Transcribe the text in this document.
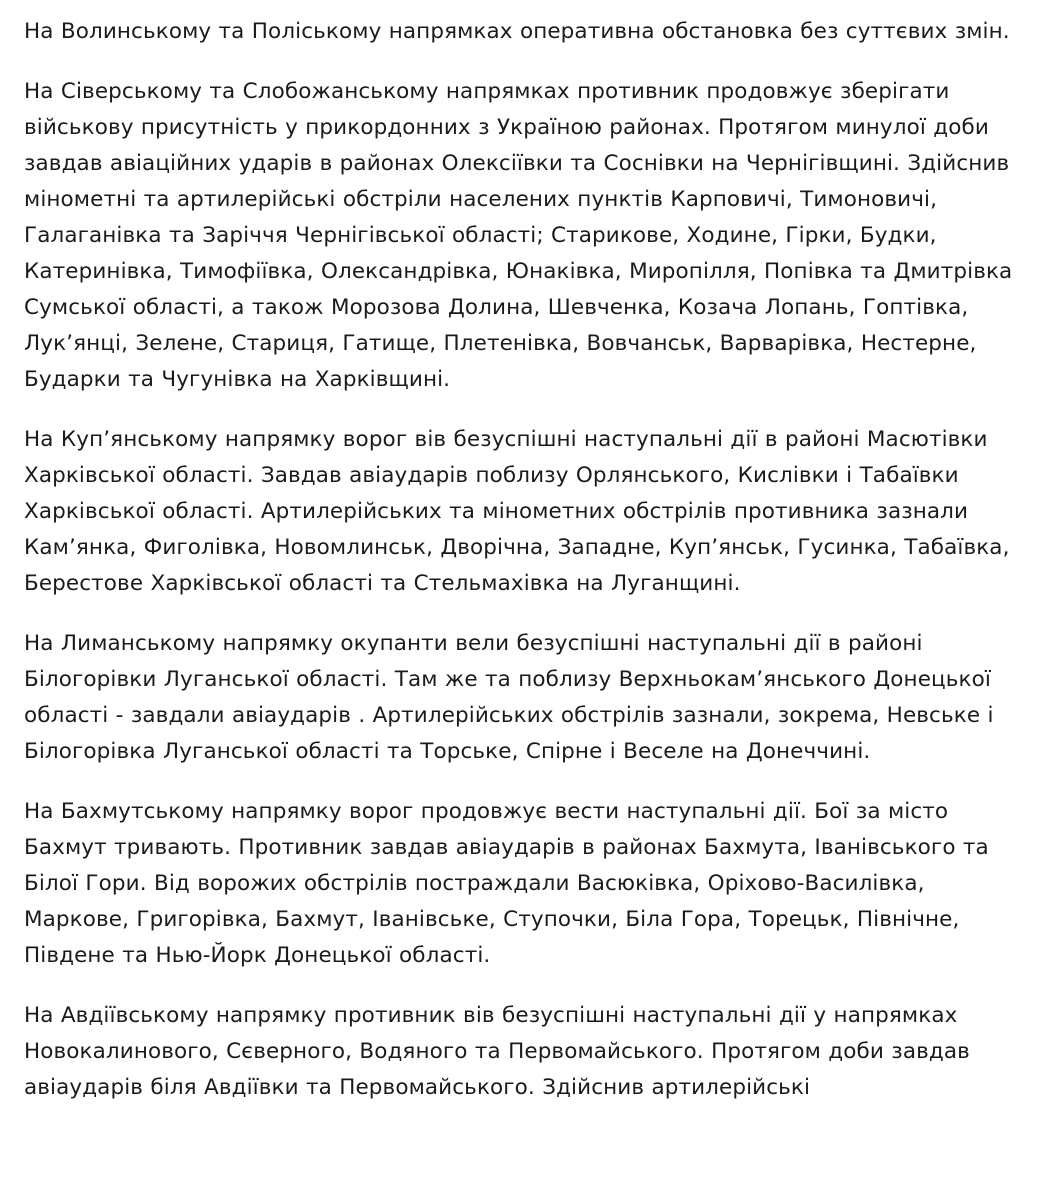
На Волинському та Поліському напрямках оперативна обстановка без суттєвих змін.

На Сіверському та Слобожанському напрямках противник продовжує зберігати військову присутність у прикордонних з Україною районах. Протягом минулої доби завдав авіаційних ударів в районах Олексіївки та Соснівки на Чернігівщині. Здійснив мінометні та артилерійські обстріли населених пунктів Карповичі, Тимоновичі, Галаганівка та Заріччя Чернігівської області; Старикове, Ходине, Гірки, Будки, Катеринівка, Тимофіївка, Олександрівка, Юнаківка, Миропілля, Попівка та Дмитрівка Сумської області, а також Морозова Долина, Шевченка, Козача Лопань, Гоптівка, Лук’янці, Зелене, Стариця, Гатище, Плетенівка, Вовчанськ, Варварівка, Нестерне, Бударки та Чугунівка на Харківщині.

На Куп’янському напрямку ворог вів безуспішні наступальні дії в районі Масютівки Харківської області. Завдав авіаударів поблизу Орлянського, Кислівки і Табаївки Харківської області. Артилерійських та мінометних обстрілів противника зазнали Кам’янка, Фиголівка, Новомлинськ, Дворічна, Западне, Куп’янськ, Гусинка, Табаївка, Берестове Харківської області та Стельмахівка на Луганщині.

На Лиманському напрямку окупанти вели безуспішні наступальні дії в районі Білогорівки Луганської області. Там же та поблизу Верхньокам’янського Донецької області - завдали авіаударів . Артилерійських обстрілів зазнали, зокрема, Невське і Білогорівка Луганської області та Торське, Спірне і Веселе на Донеччині.

На Бахмутському напрямку ворог продовжує вести наступальні дії. Бої за місто Бахмут тривають. Противник завдав авіаударів в районах Бахмута, Іванівського та Білої Гори. Від ворожих обстрілів постраждали Васюківка, Оріхово-Василівка, Маркове, Григорівка, Бахмут, Іванівське, Ступочки, Біла Гора, Торецьк, Північне, Південе та Нью-Йорк Донецької області.

На Авдіївському напрямку противник вів безуспішні наступальні дії у напрямках Новокалинового, Сєверного, Водяного та Первомайського. Протягом доби завдав авіаударів біля Авдіївки та Первомайського. Здійснив артилерійські
